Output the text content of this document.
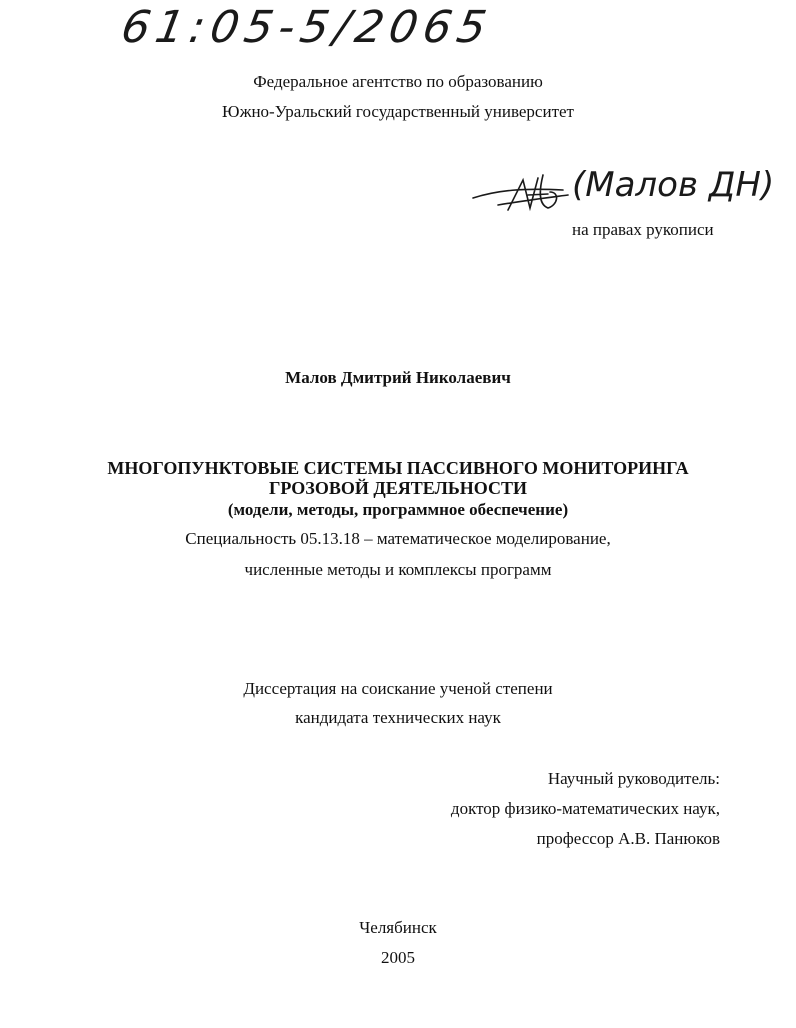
61:05-5/2065
Федеральное агентство по образованию
Южно-Уральский государственный университет
(Малов ДН)
на правах рукописи
Малов Дмитрий Николаевич
МНОГОПУНКТОВЫЕ СИСТЕМЫ ПАССИВНОГО МОНИТОРИНГА
ГРОЗОВОЙ ДЕЯТЕЛЬНОСТИ
(модели, методы, программное обеспечение)
Специальность 05.13.18 – математическое моделирование,
численные методы и комплексы программ
Диссертация на соискание ученой степени
кандидата технических наук
Научный руководитель:
доктор физико-математических наук,
профессор А.В. Панюков
Челябинск
2005
